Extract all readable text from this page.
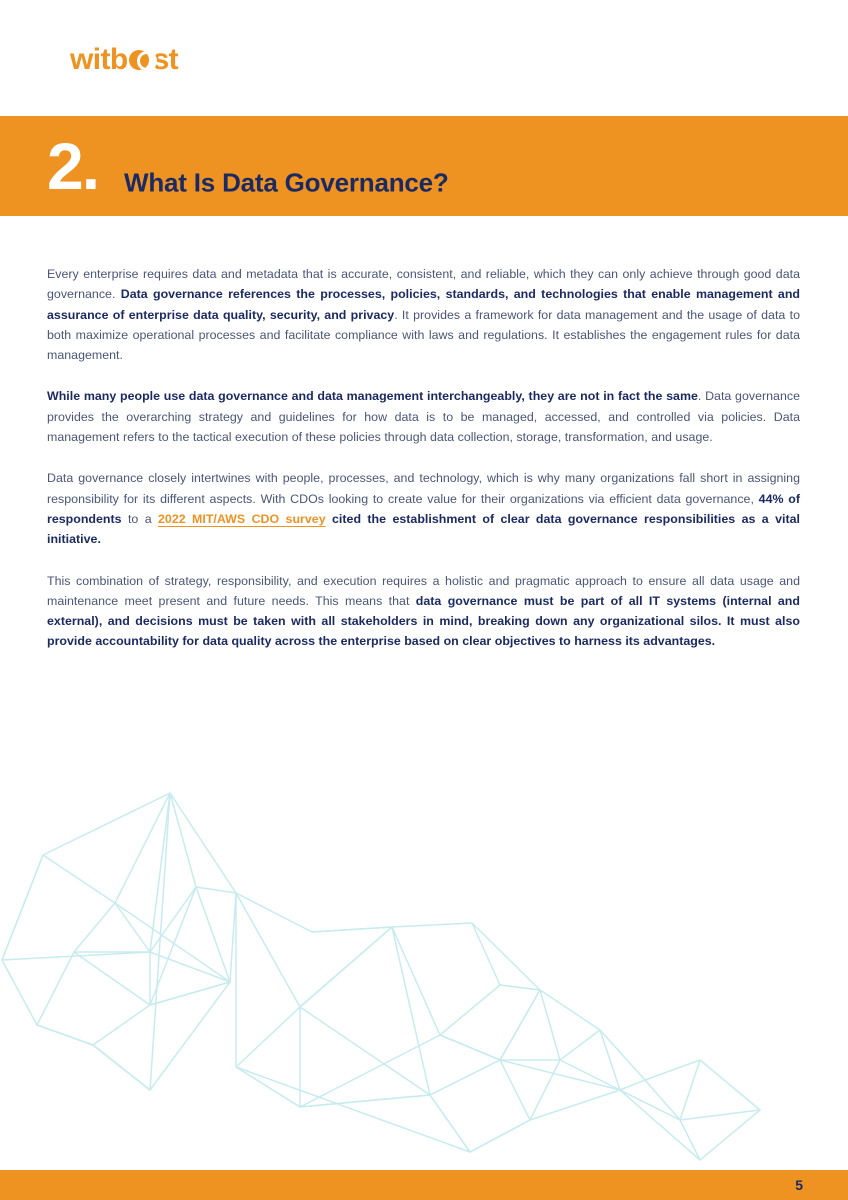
witb st
2. What Is Data Governance?

Every enterprise requires data and metadata that is accurate, consistent, and reliable, which they can only achieve through good data governance. Data governance references the processes, policies, standards, and technologies that enable management and assurance of enterprise data quality, security, and privacy. It provides a framework for data management and the usage of data to both maximize operational processes and facilitate compliance with laws and regulations. It establishes the engagement rules for data management.

While many people use data governance and data management interchangeably, they are not in fact the same. Data governance provides the overarching strategy and guidelines for how data is to be managed, accessed, and controlled via policies. Data management refers to the tactical execution of these policies through data collection, storage, transformation, and usage.

Data governance closely intertwines with people, processes, and technology, which is why many organizations fall short in assigning responsibility for its different aspects. With CDOs looking to create value for their organizations via efficient data governance, 44% of respondents to a 2022 MIT/AWS CDO survey cited the establishment of clear data governance responsibilities as a vital initiative.

This combination of strategy, responsibility, and execution requires a holistic and pragmatic approach to ensure all data usage and maintenance meet present and future needs. This means that data governance must be part of all IT systems (internal and external), and decisions must be taken with all stakeholders in mind, breaking down any organizational silos. It must also provide accountability for data quality across the enterprise based on clear objectives to harness its advantages.

5
